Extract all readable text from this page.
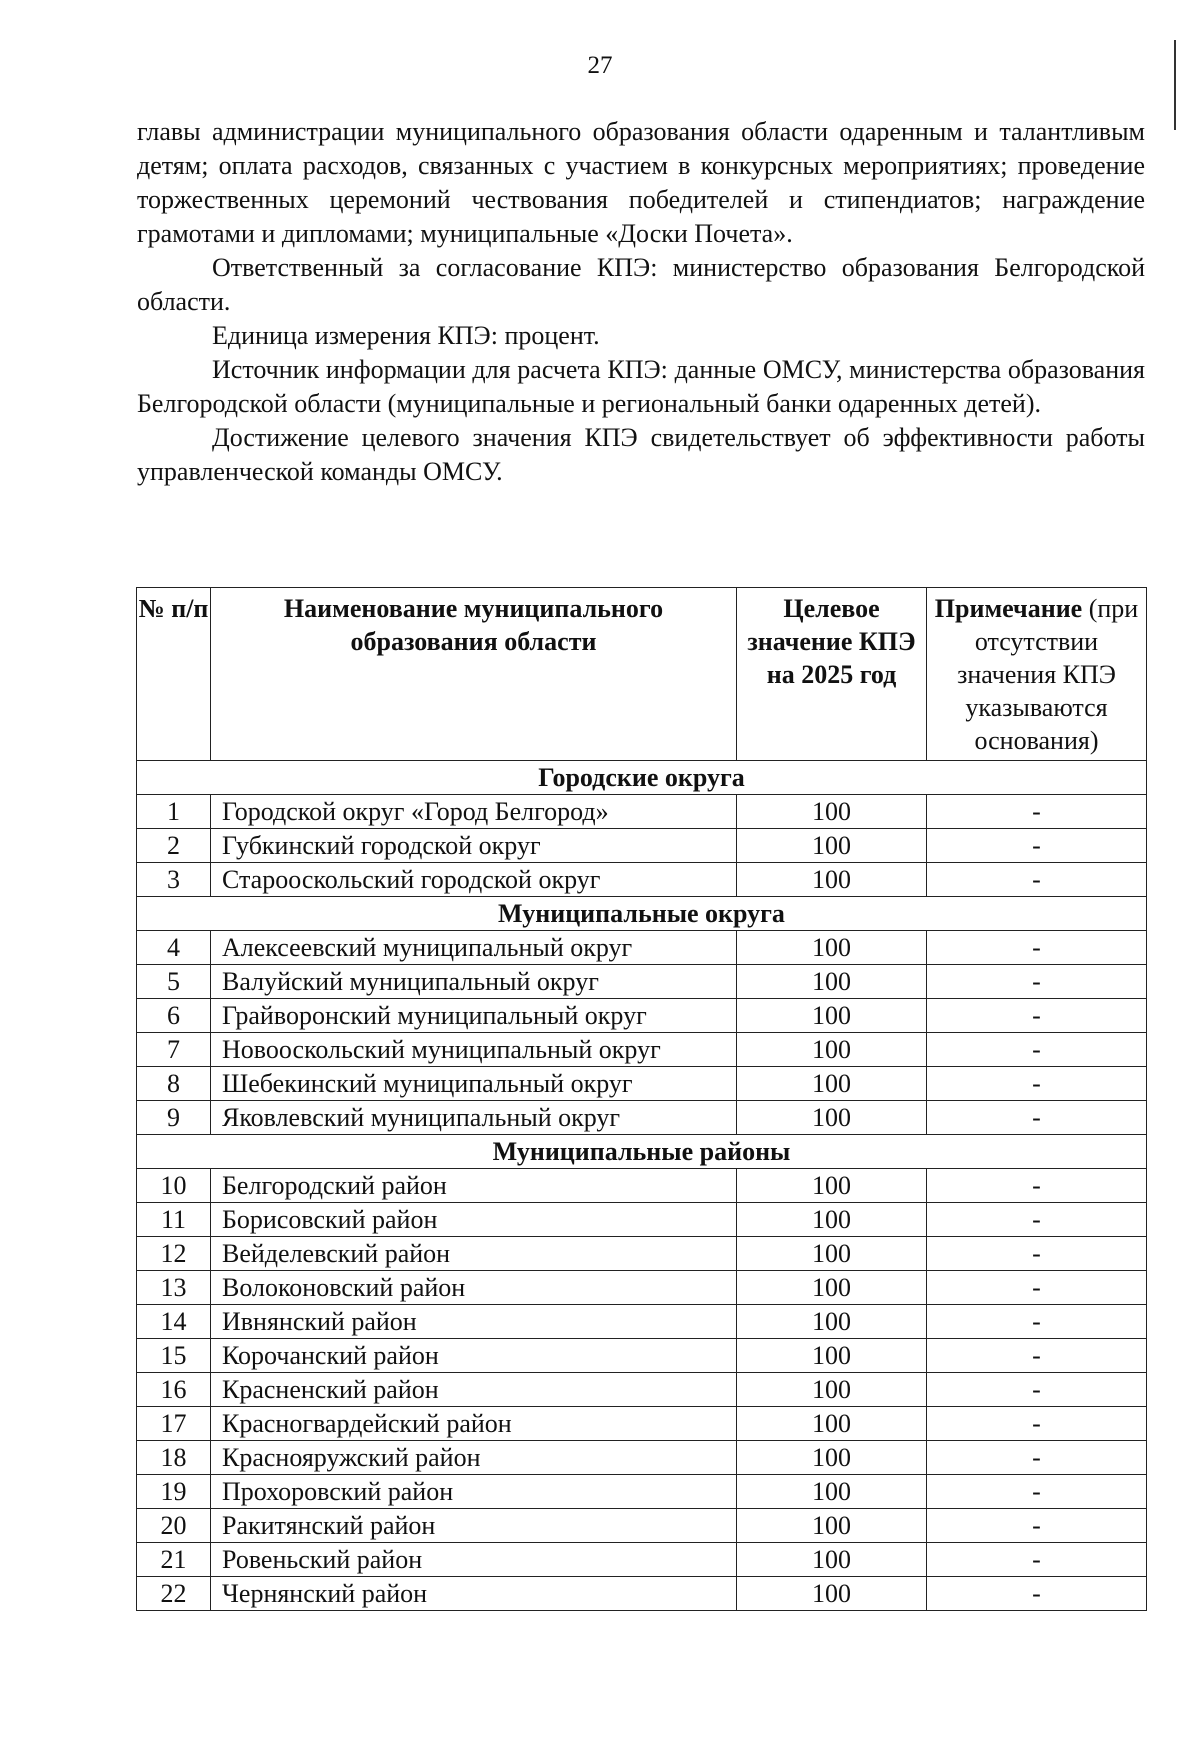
27

главы администрации муниципального образования области одаренным и талантливым детям; оплата расходов, связанных с участием в конкурсных мероприятиях; проведение торжественных церемоний чествования победителей и стипендиатов; награждение грамотами и дипломами; муниципальные «Доски Почета».

Ответственный за согласование КПЭ: министерство образования Белгородской области.

Единица измерения КПЭ: процент.

Источник информации для расчета КПЭ: данные ОМСУ, министерства образования Белгородской области (муниципальные и региональный банки одаренных детей).

Достижение целевого значения КПЭ свидетельствует об эффективности работы управленческой команды ОМСУ.

№ п/п	Наименование муниципального образования области	Целевое значение КПЭ на 2025 год	Примечание (при отсутствии значения КПЭ указываются основания)
Городские округа			
1	Городской округ «Город Белгород»	100	-
2	Губкинский городской округ	100	-
3	Старооскольский городской округ	100	-
Муниципальные округа			
4	Алексеевский муниципальный округ	100	-
5	Валуйский муниципальный округ	100	-
6	Грайворонский муниципальный округ	100	-
7	Новооскольский муниципальный округ	100	-
8	Шебекинский муниципальный округ	100	-
9	Яковлевский муниципальный округ	100	-
Муниципальные районы			
10	Белгородский район	100	-
11	Борисовский район	100	-
12	Вейделевский район	100	-
13	Волоконовский район	100	-
14	Ивнянский район	100	-
15	Корочанский район	100	-
16	Красненский район	100	-
17	Красногвардейский район	100	-
18	Краснояружский район	100	-
19	Прохоровский район	100	-
20	Ракитянский район	100	-
21	Ровеньский район	100	-
22	Чернянский район	100	-
